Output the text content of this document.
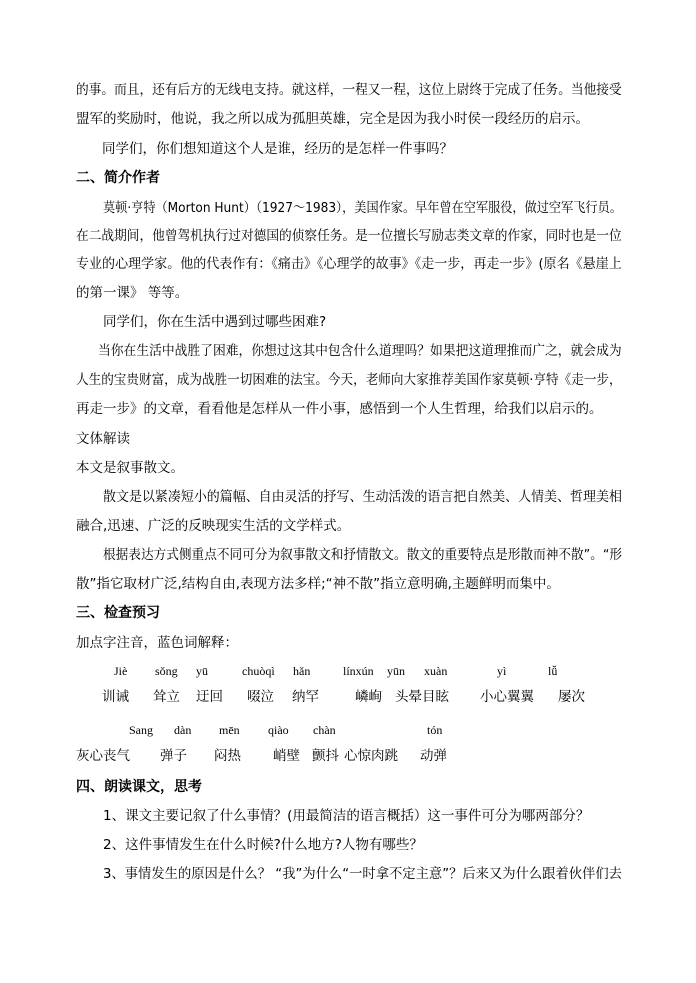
的事。而且，还有后方的无线电支持。就这样，一程又一程，这位上尉终于完成了任务。当他接受
盟军的奖励时，他说，我之所以成为孤胆英雄，完全是因为我小时侯一段经历的启示。
同学们，你们想知道这个人是谁，经历的是怎样一件事吗？
二、简介作者
莫顿·亨特（Morton Hunt）（1927～1983），美国作家。早年曾在空军服役，做过空军飞行员。
在二战期间，他曾驾机执行过对德国的侦察任务。是一位擅长写励志类文章的作家，同时也是一位
专业的心理学家。他的代表作有：《痛击》《心理学的故事》《走一步，再走一步》(原名《悬崖上
的第一课》 等等。
同学们，你在生活中遇到过哪些困难?
当你在生活中战胜了困难，你想过这其中包含什么道理吗？如果把这道理推而广之，就会成为
人生的宝贵财富，成为战胜一切困难的法宝。今天，老师向大家推荐美国作家莫顿·亨特《走一步，
再走一步》的文章，看看他是怎样从一件小事，感悟到一个人生哲理，给我们以启示的。
文体解读
本文是叙事散文。
散文是以紧凑短小的篇幅、自由灵活的抒写、生动活泼的语言把自然美、人情美、哲理美相
融合,迅速、广泛的反映现实生活的文学样式。
根据表达方式侧重点不同可分为叙事散文和抒情散文。散文的重要特点是形散而神不散”。“形
散”指它取材广泛,结构自由,表现方法多样;“神不散”指立意明确,主题鲜明而集中。
三、检查预习
加点字注音，蓝色词解释：
Jiè sǒng yū	chuòqì hǎn	línxún yūn xuàn	yì	lǚ
训诫 耸立 迂回 啜泣 纳罕	嶙峋 头晕目眩 小心翼翼 屡次
Sang dàn mēn qiào chàn	tón
灰心丧气 弹子 闷热 峭壁 颤抖 心惊肉跳 动弹
四、朗读课文，思考
1、课文主要记叙了什么事情？(用最简洁的语言概括）这一事件可分为哪两部分？
2、这件事情发生在什么时候?什么地方?人物有哪些？
3、事情发生的原因是什么？ “我”为什么“一时拿不定主意”？后来又为什么跟着伙伴们去
